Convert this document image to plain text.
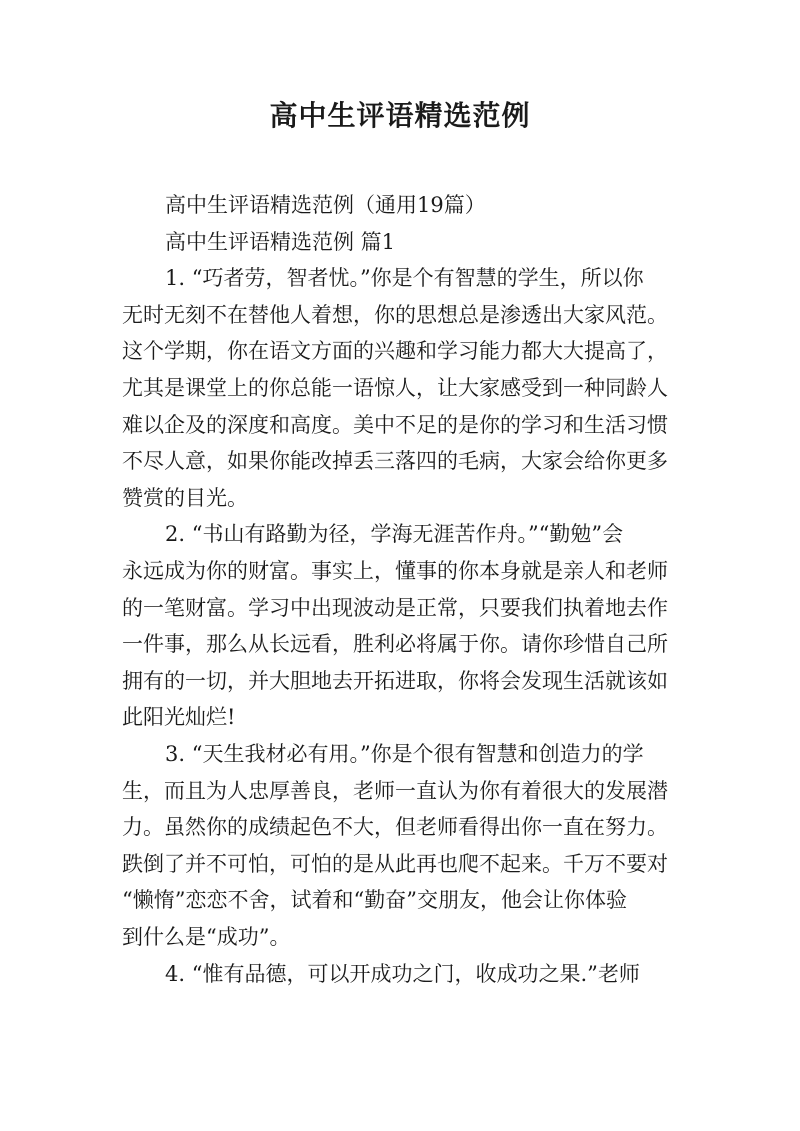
高中生评语精选范例

高中生评语精选范例（通用19篇）

高中生评语精选范例 篇1

1. “巧者劳，智者忧。”你是个有智慧的学生，所以你

无时无刻不在替他人着想，你的思想总是渗透出大家风范。

这个学期，你在语文方面的兴趣和学习能力都大大提高了，

尤其是课堂上的你总能一语惊人，让大家感受到一种同龄人

难以企及的深度和高度。美中不足的是你的学习和生活习惯

不尽人意，如果你能改掉丢三落四的毛病，大家会给你更多

赞赏的目光。

2. “书山有路勤为径，学海无涯苦作舟。”“勤勉”会

永远成为你的财富。事实上，懂事的你本身就是亲人和老师

的一笔财富。学习中出现波动是正常，只要我们执着地去作

一件事，那么从长远看，胜利必将属于你。请你珍惜自己所

拥有的一切，并大胆地去开拓进取，你将会发现生活就该如

此阳光灿烂!

3. “天生我材必有用。”你是个很有智慧和创造力的学

生，而且为人忠厚善良，老师一直认为你有着很大的发展潜

力。虽然你的成绩起色不大，但老师看得出你一直在努力。

跌倒了并不可怕，可怕的是从此再也爬不起来。千万不要对

“懒惰”恋恋不舍，试着和“勤奋”交朋友，他会让你体验

到什么是“成功”。

4. “惟有品德，可以开成功之门，收成功之果.”老师
